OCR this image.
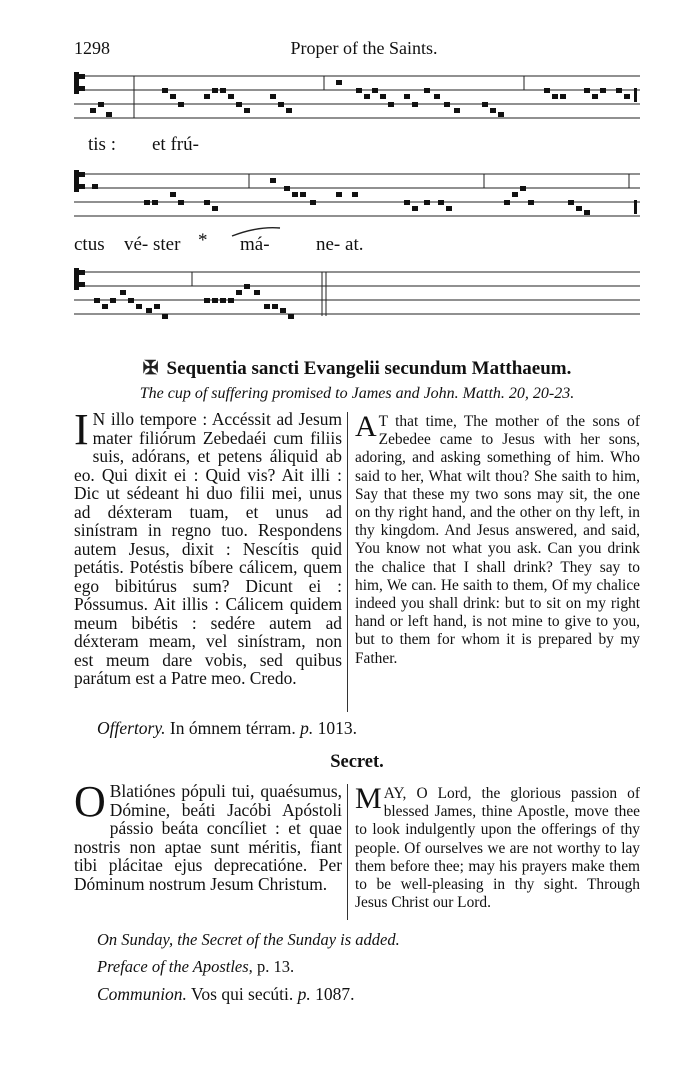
1298	Proper of the Saints.
tis : et frú-
ctus vé- ster * má- ne- at.
✠ Sequentia sancti Evangelii secundum Matthaeum.
The cup of suffering promised to James and John. Matth. 20, 20-23.
I N illo tempore : Accéssit ad Jesum mater filiórum Zebedaéi cum filiis suis, adórans, et petens áliquid ab eo. Qui dixit ei : Quid vis? Ait illi : Dic ut sédeant hi duo filii mei, unus ad déxteram tuam, et unus ad sinístram in regno tuo. Respondens autem Jesus, dixit : Nescítis quid petátis. Potéstis bíbere cálicem, quem ego bibitúrus sum? Dicunt ei : Póssumus. Ait illis : Cálicem quidem meum bibétis : sedére autem ad déxteram meam, vel sinístram, non est meum dare vobis, sed quibus parátum est a Patre meo. Credo.
A T that time, The mother of the sons of Zebedee came to Jesus with her sons, adoring, and asking something of him. Who said to her, What wilt thou? She saith to him, Say that these my two sons may sit, the one on thy right hand, and the other on thy left, in thy kingdom. And Jesus answered, and said, You know not what you ask. Can you drink the chalice that I shall drink? They say to him, We can. He saith to them, Of my chalice indeed you shall drink: but to sit on my right hand or left hand, is not mine to give to you, but to them for whom it is prepared by my Father.
Offertory. In ómnem térram. p. 1013.
Secret.
O Blatiónes pópuli tui, quaésumus, Dómine, beáti Jacóbi Apóstoli pássio beáta concíliet : et quae nostris non aptae sunt méritis, fiant tibi plácitae ejus deprecatióne. Per Dóminum nostrum Jesum Christum.
MAY, O Lord, the glorious passion of blessed James, thine Apostle, move thee to look indulgently upon the offerings of thy people. Of ourselves we are not worthy to lay them before thee; may his prayers make them to be well-pleasing in thy sight. Through Jesus Christ our Lord.
On Sunday, the Secret of the Sunday is added.
Preface of the Apostles, p. 13.
Communion. Vos qui secúti. p. 1087.
